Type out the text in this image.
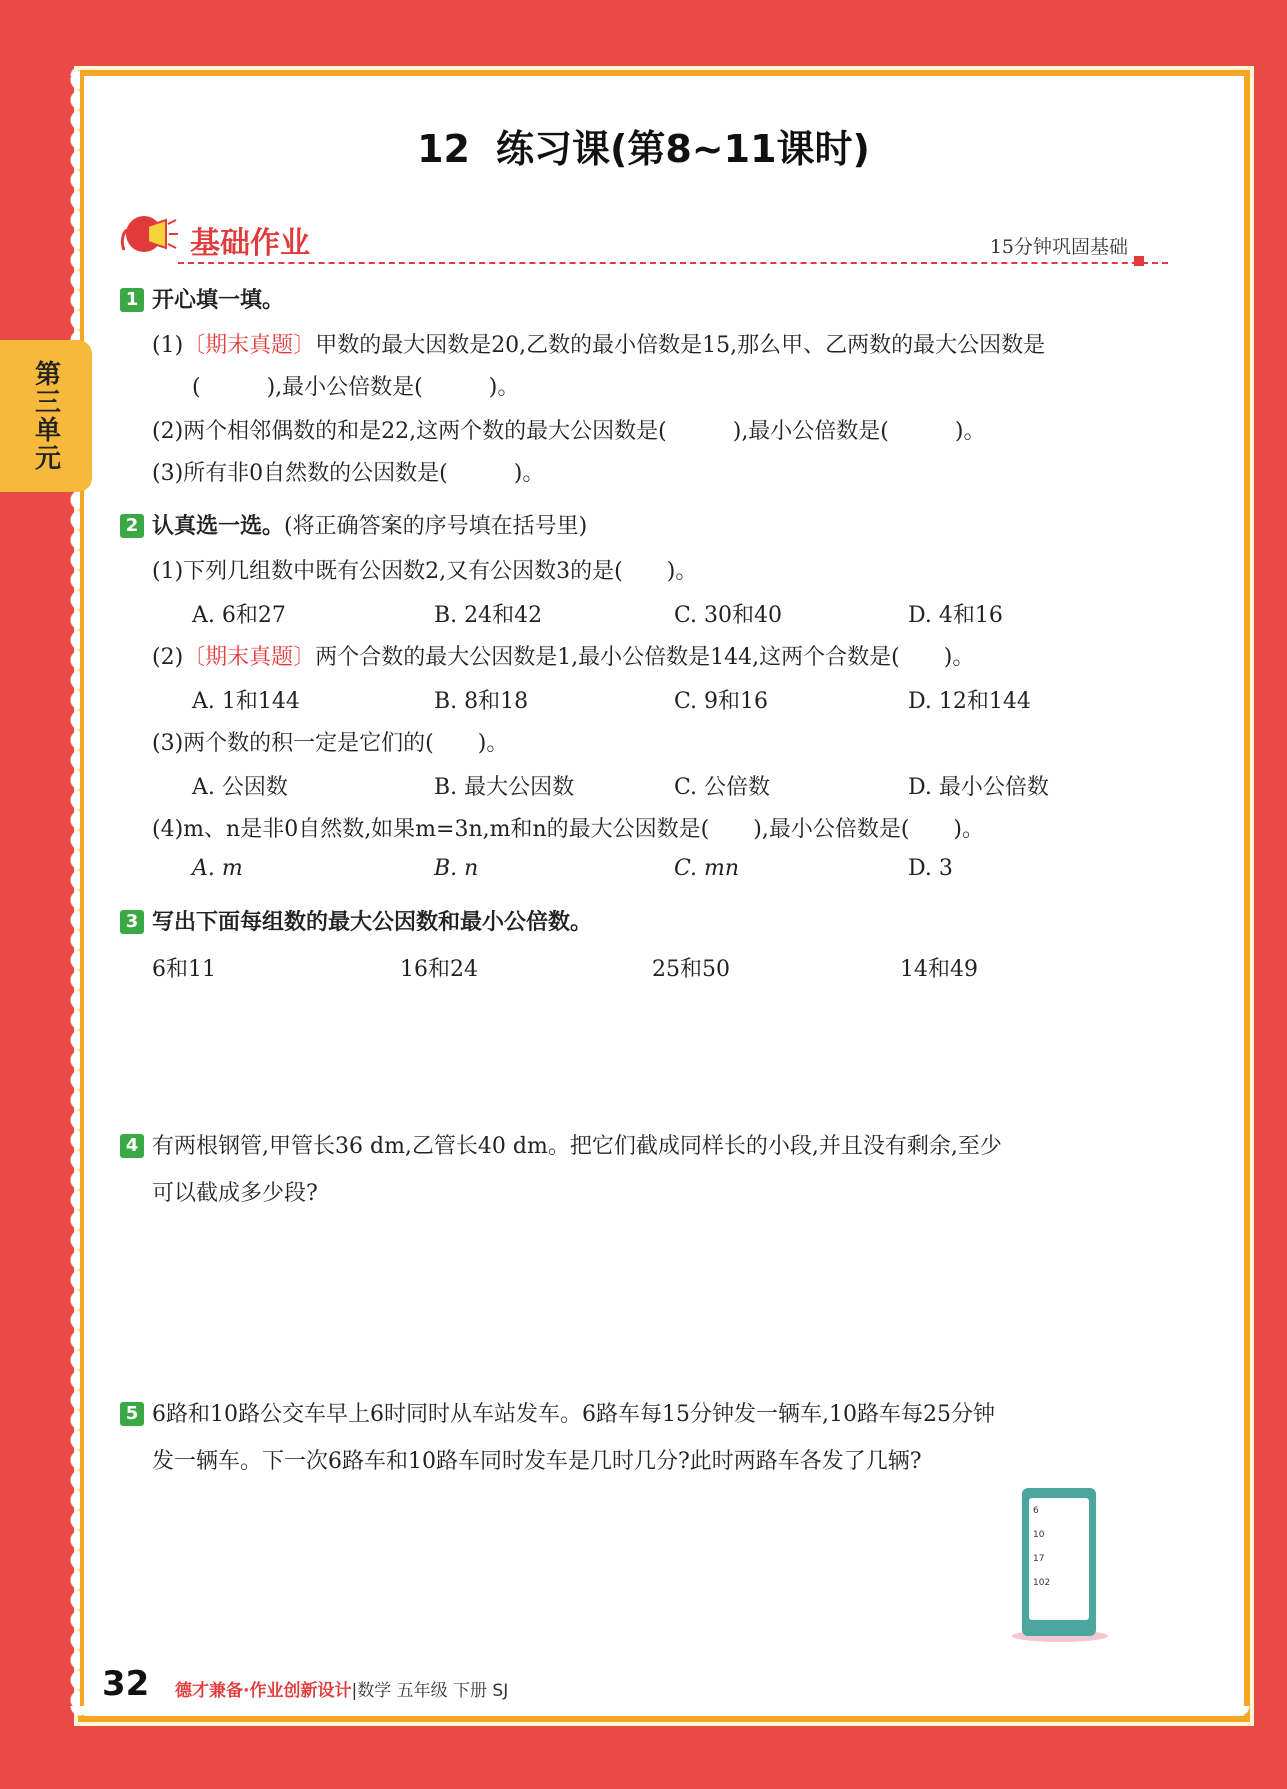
第三单元
12 练习课(第8~11课时)
基础作业	15分钟巩固基础
1 开心填一填。
(1)〔期末真题〕甲数的最大因数是20,乙数的最小倍数是15,那么甲、乙两数的最大公因数是
(　　　),最小公倍数是(　　　)。
(2)两个相邻偶数的和是22,这两个数的最大公因数是(　　　),最小公倍数是(　　　)。
(3)所有非0自然数的公因数是(　　　)。
2 认真选一选。(将正确答案的序号填在括号里)
(1)下列几组数中既有公因数2,又有公因数3的是(　　)。
A. 6和27	B. 24和42	C. 30和40	D. 4和16
(2)〔期末真题〕两个合数的最大公因数是1,最小公倍数是144,这两个合数是(　　)。
A. 1和144	B. 8和18	C. 9和16	D. 12和144
(3)两个数的积一定是它们的(　　)。
A. 公因数	B. 最大公因数	C. 公倍数	D. 最小公倍数
(4)m、n是非0自然数,如果m=3n,m和n的最大公因数是(　　),最小公倍数是(　　)。
A. m	B. n	C. mn	D. 3
3 写出下面每组数的最大公因数和最小公倍数。
6和11	16和24	25和50	14和49
4 有两根钢管,甲管长36 dm,乙管长40 dm。把它们截成同样长的小段,并且没有剩余,至少
可以截成多少段?
5 6路和10路公交车早上6时同时从车站发车。6路车每15分钟发一辆车,10路车每25分钟
发一辆车。下一次6路车和10路车同时发车是几时几分?此时两路车各发了几辆?
6
10
17
102
32 德才兼备·作业创新设计|数学 五年级 下册 SJ
